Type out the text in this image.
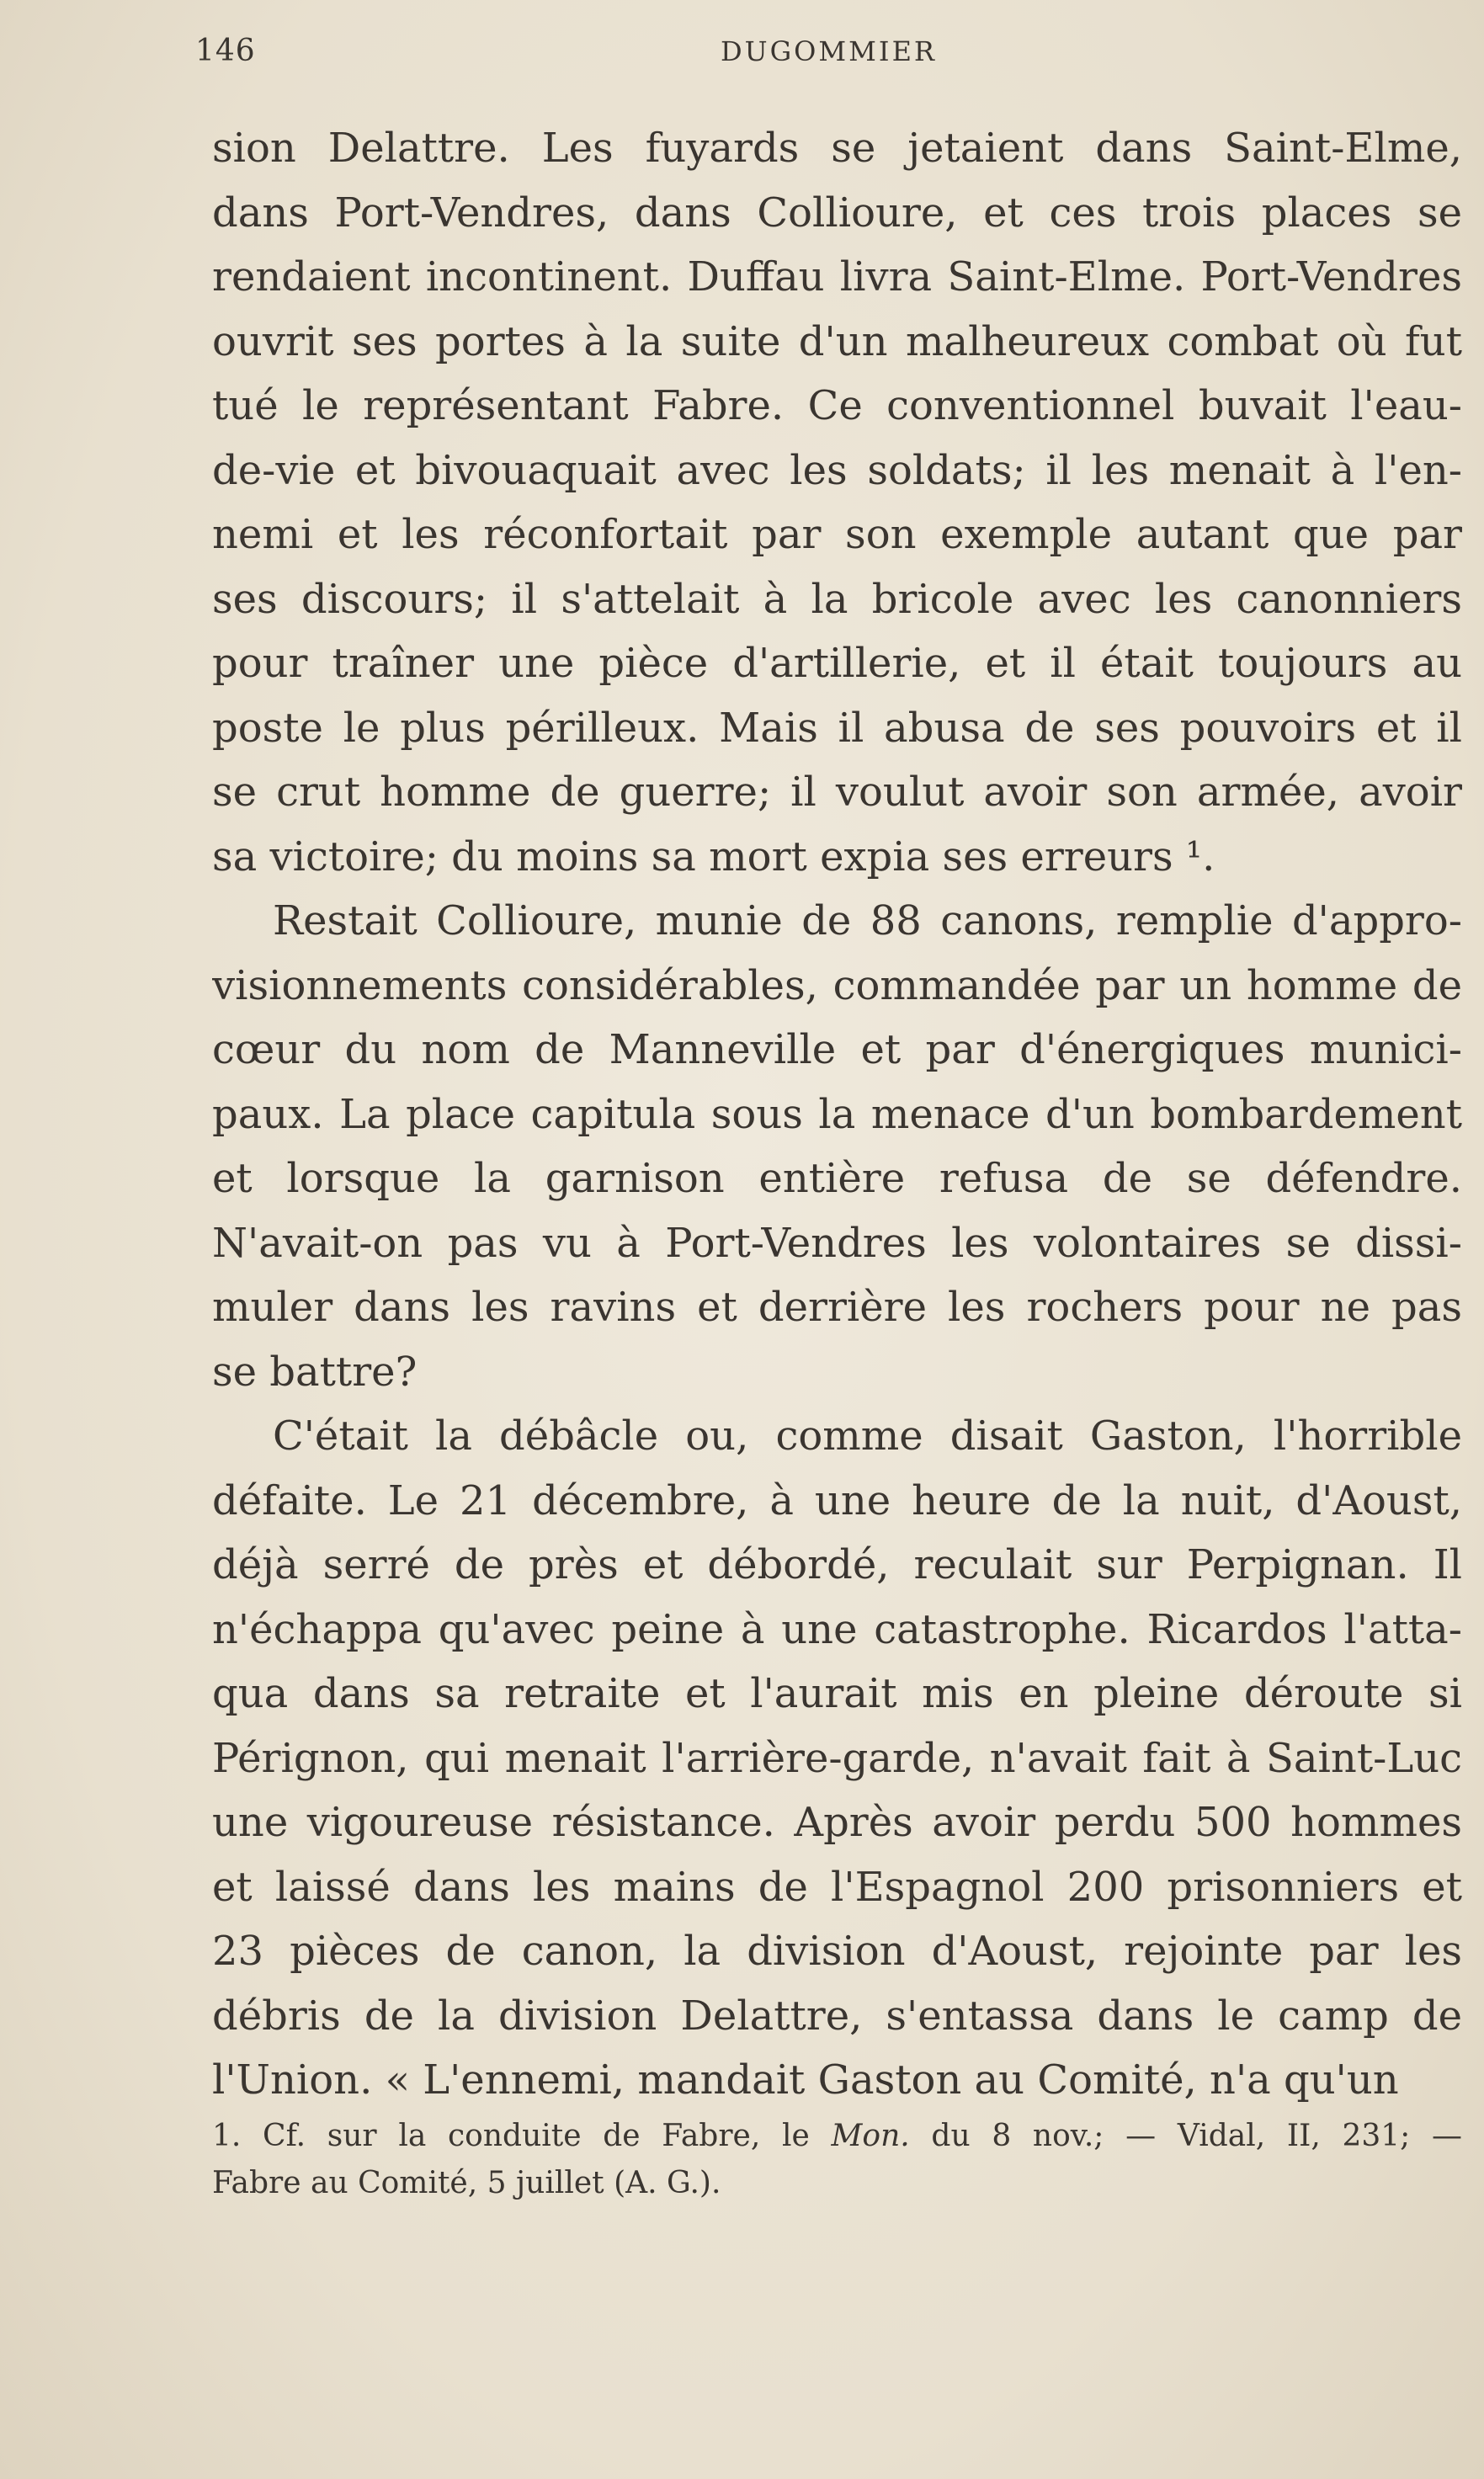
146	DUGOMMIER

sion Delattre. Les fuyards se jetaient dans Saint-Elme,

dans Port-Vendres, dans Collioure, et ces trois places se

rendaient incontinent. Duffau livra Saint-Elme. Port-Vendres

ouvrit ses portes à la suite d'un malheureux combat où fut

tué le représentant Fabre. Ce conventionnel buvait l'eau-

de-vie et bivouaquait avec les soldats; il les menait à l'en-

nemi et les réconfortait par son exemple autant que par

ses discours; il s'attelait à la bricole avec les canonniers

pour traîner une pièce d'artillerie, et il était toujours au

poste le plus périlleux. Mais il abusa de ses pouvoirs et il

se crut homme de guerre; il voulut avoir son armée, avoir

sa victoire; du moins sa mort expia ses erreurs ¹.

Restait Collioure, munie de 88 canons, remplie d'appro-

visionnements considérables, commandée par un homme de

cœur du nom de Manneville et par d'énergiques munici-

paux. La place capitula sous la menace d'un bombardement

et lorsque la garnison entière refusa de se défendre.

N'avait-on pas vu à Port-Vendres les volontaires se dissi-

muler dans les ravins et derrière les rochers pour ne pas

se battre?

C'était la débâcle ou, comme disait Gaston, l'horrible

défaite. Le 21 décembre, à une heure de la nuit, d'Aoust,

déjà serré de près et débordé, reculait sur Perpignan. Il

n'échappa qu'avec peine à une catastrophe. Ricardos l'atta-

qua dans sa retraite et l'aurait mis en pleine déroute si

Pérignon, qui menait l'arrière-garde, n'avait fait à Saint-Luc

une vigoureuse résistance. Après avoir perdu 500 hommes

et laissé dans les mains de l'Espagnol 200 prisonniers et

23 pièces de canon, la division d'Aoust, rejointe par les

débris de la division Delattre, s'entassa dans le camp de

l'Union. « L'ennemi, mandait Gaston au Comité, n'a qu'un

1. Cf. sur la conduite de Fabre, le Mon. du 8 nov.; — Vidal, II, 231; —

Fabre au Comité, 5 juillet (A. G.).
